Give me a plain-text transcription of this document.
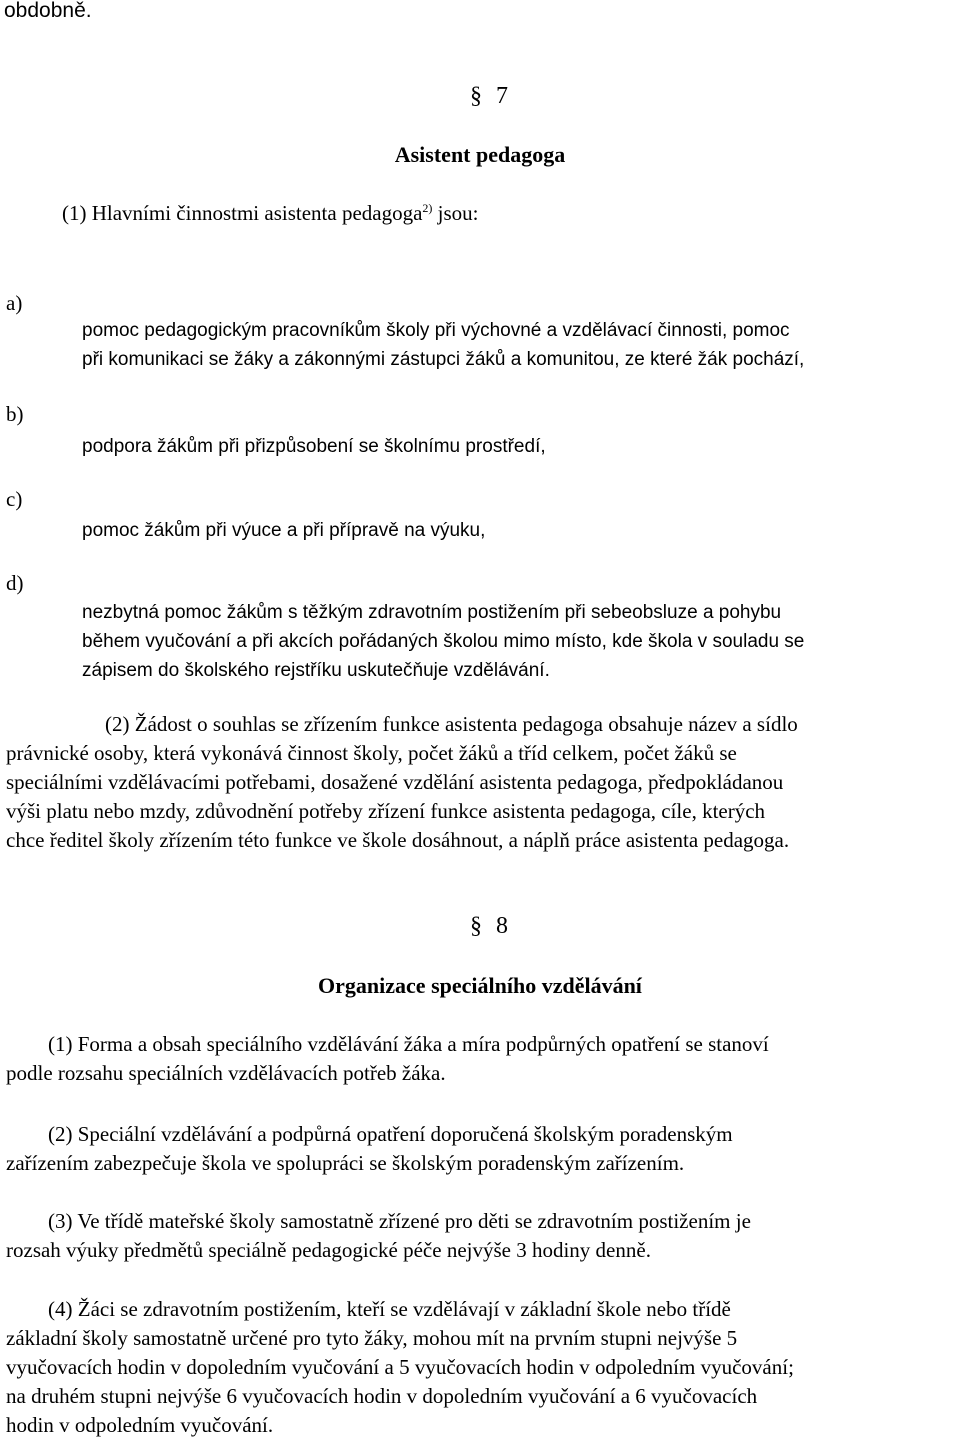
obdobně.
§ 7
Asistent pedagoga
(1) Hlavními činnostmi asistenta pedagoga$^{2)}$ jsou:
a)
b)
c)
d)
pomoc pedagogickým pracovníkům školy při výchovné a vzdělávací činnosti, pomoc
při komunikaci se žáky a zákonnými zástupci žáků a komunitou, ze které žák pochází,
podpora žákům při přizpůsobení se školnímu prostředí,
pomoc žákům při výuce a při přípravě na výuku,
nezbytná pomoc žákům s těžkým zdravotním postižením při sebeobsluze a pohybu
během vyučování a při akcích pořádaných školou mimo místo, kde škola v souladu se
zápisem do školského rejstříku uskutečňuje vzdělávání.
(2) Žádost o souhlas se zřízením funkce asistenta pedagoga obsahuje název a sídlo
právnické osoby, která vykonává činnost školy, počet žáků a tříd celkem, počet žáků se
speciálními vzdělávacími potřebami, dosažené vzdělání asistenta pedagoga, předpokládanou
výši platu nebo mzdy, zdůvodnění potřeby zřízení funkce asistenta pedagoga, cíle, kterých
chce ředitel školy zřízením této funkce ve škole dosáhnout, a náplň práce asistenta pedagoga.
§ 8
Organizace speciálního vzdělávání
(1) Forma a obsah speciálního vzdělávání žáka a míra podpůrných opatření se stanoví
podle rozsahu speciálních vzdělávacích potřeb žáka.
(2) Speciální vzdělávání a podpůrná opatření doporučená školským poradenským
zařízením zabezpečuje škola ve spolupráci se školským poradenským zařízením.
(3) Ve třídě mateřské školy samostatně zřízené pro děti se zdravotním postižením je
rozsah výuky předmětů speciálně pedagogické péče nejvýše 3 hodiny denně.
(4) Žáci se zdravotním postižením, kteří se vzdělávají v základní škole nebo třídě
základní školy samostatně určené pro tyto žáky, mohou mít na prvním stupni nejvýše 5
vyučovacích hodin v dopoledním vyučování a 5 vyučovacích hodin v odpoledním vyučování;
na druhém stupni nejvýše 6 vyučovacích hodin v dopoledním vyučování a 6 vyučovacích
hodin v odpoledním vyučování.
